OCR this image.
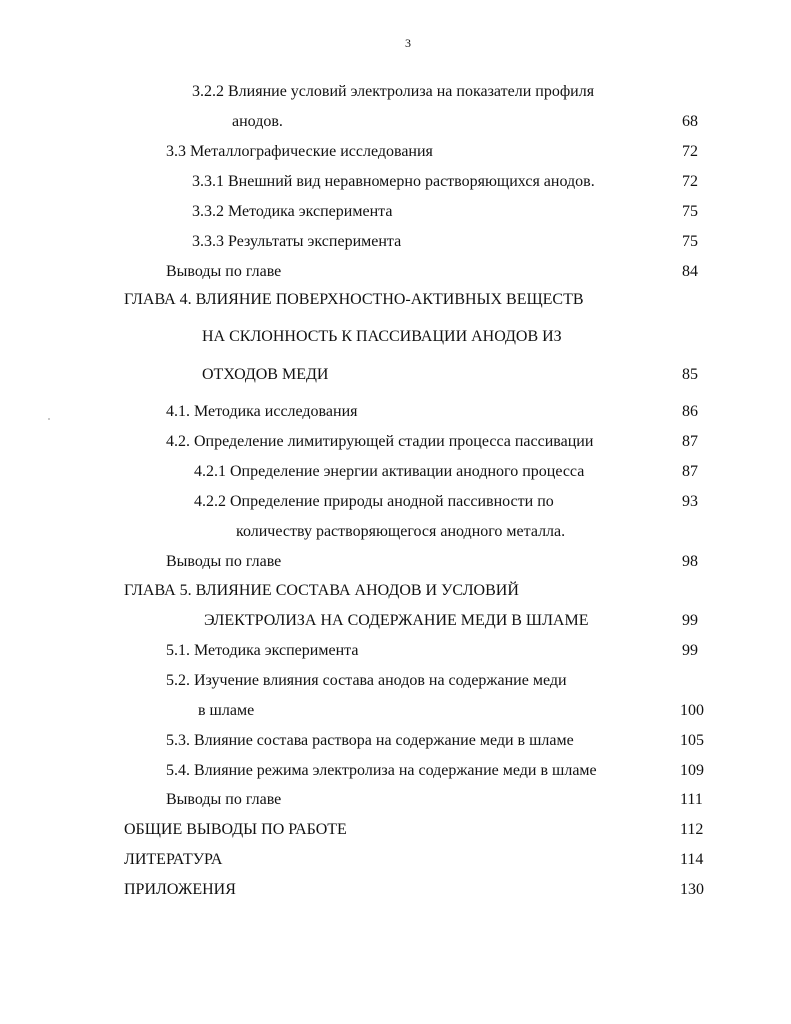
3
3.2.2 Влияние условий электролиза на показатели профиля
анодов.	68
3.3 Металлографические исследования	72
3.3.1 Внешний вид неравномерно растворяющихся анодов.	72
3.3.2 Методика эксперимента	75
3.3.3 Результаты эксперимента	75
Выводы по главе	84
ГЛАВА 4. ВЛИЯНИЕ ПОВЕРХНОСТНО-АКТИВНЫХ ВЕЩЕСТВ
НА СКЛОННОСТЬ К ПАССИВАЦИИ АНОДОВ ИЗ
ОТХОДОВ МЕДИ	85
4.1. Методика исследования	86
4.2. Определение лимитирующей стадии процесса пассивации	87
4.2.1 Определение энергии активации анодного процесса	87
4.2.2 Определение природы анодной пассивности по	93
количеству растворяющегося анодного металла.
Выводы по главе	98
ГЛАВА 5. ВЛИЯНИЕ СОСТАВА АНОДОВ И УСЛОВИЙ
ЭЛЕКТРОЛИЗА НА СОДЕРЖАНИЕ МЕДИ В ШЛАМЕ	99
5.1. Методика эксперимента	99
5.2. Изучение влияния состава анодов на содержание меди
в шламе	100
5.3. Влияние состава раствора на содержание меди в шламе	105
5.4. Влияние режима электролиза на содержание меди в шламе	109
Выводы по главе	111
ОБЩИЕ ВЫВОДЫ ПО РАБОТЕ	112
ЛИТЕРАТУРА	114
ПРИЛОЖЕНИЯ	130
